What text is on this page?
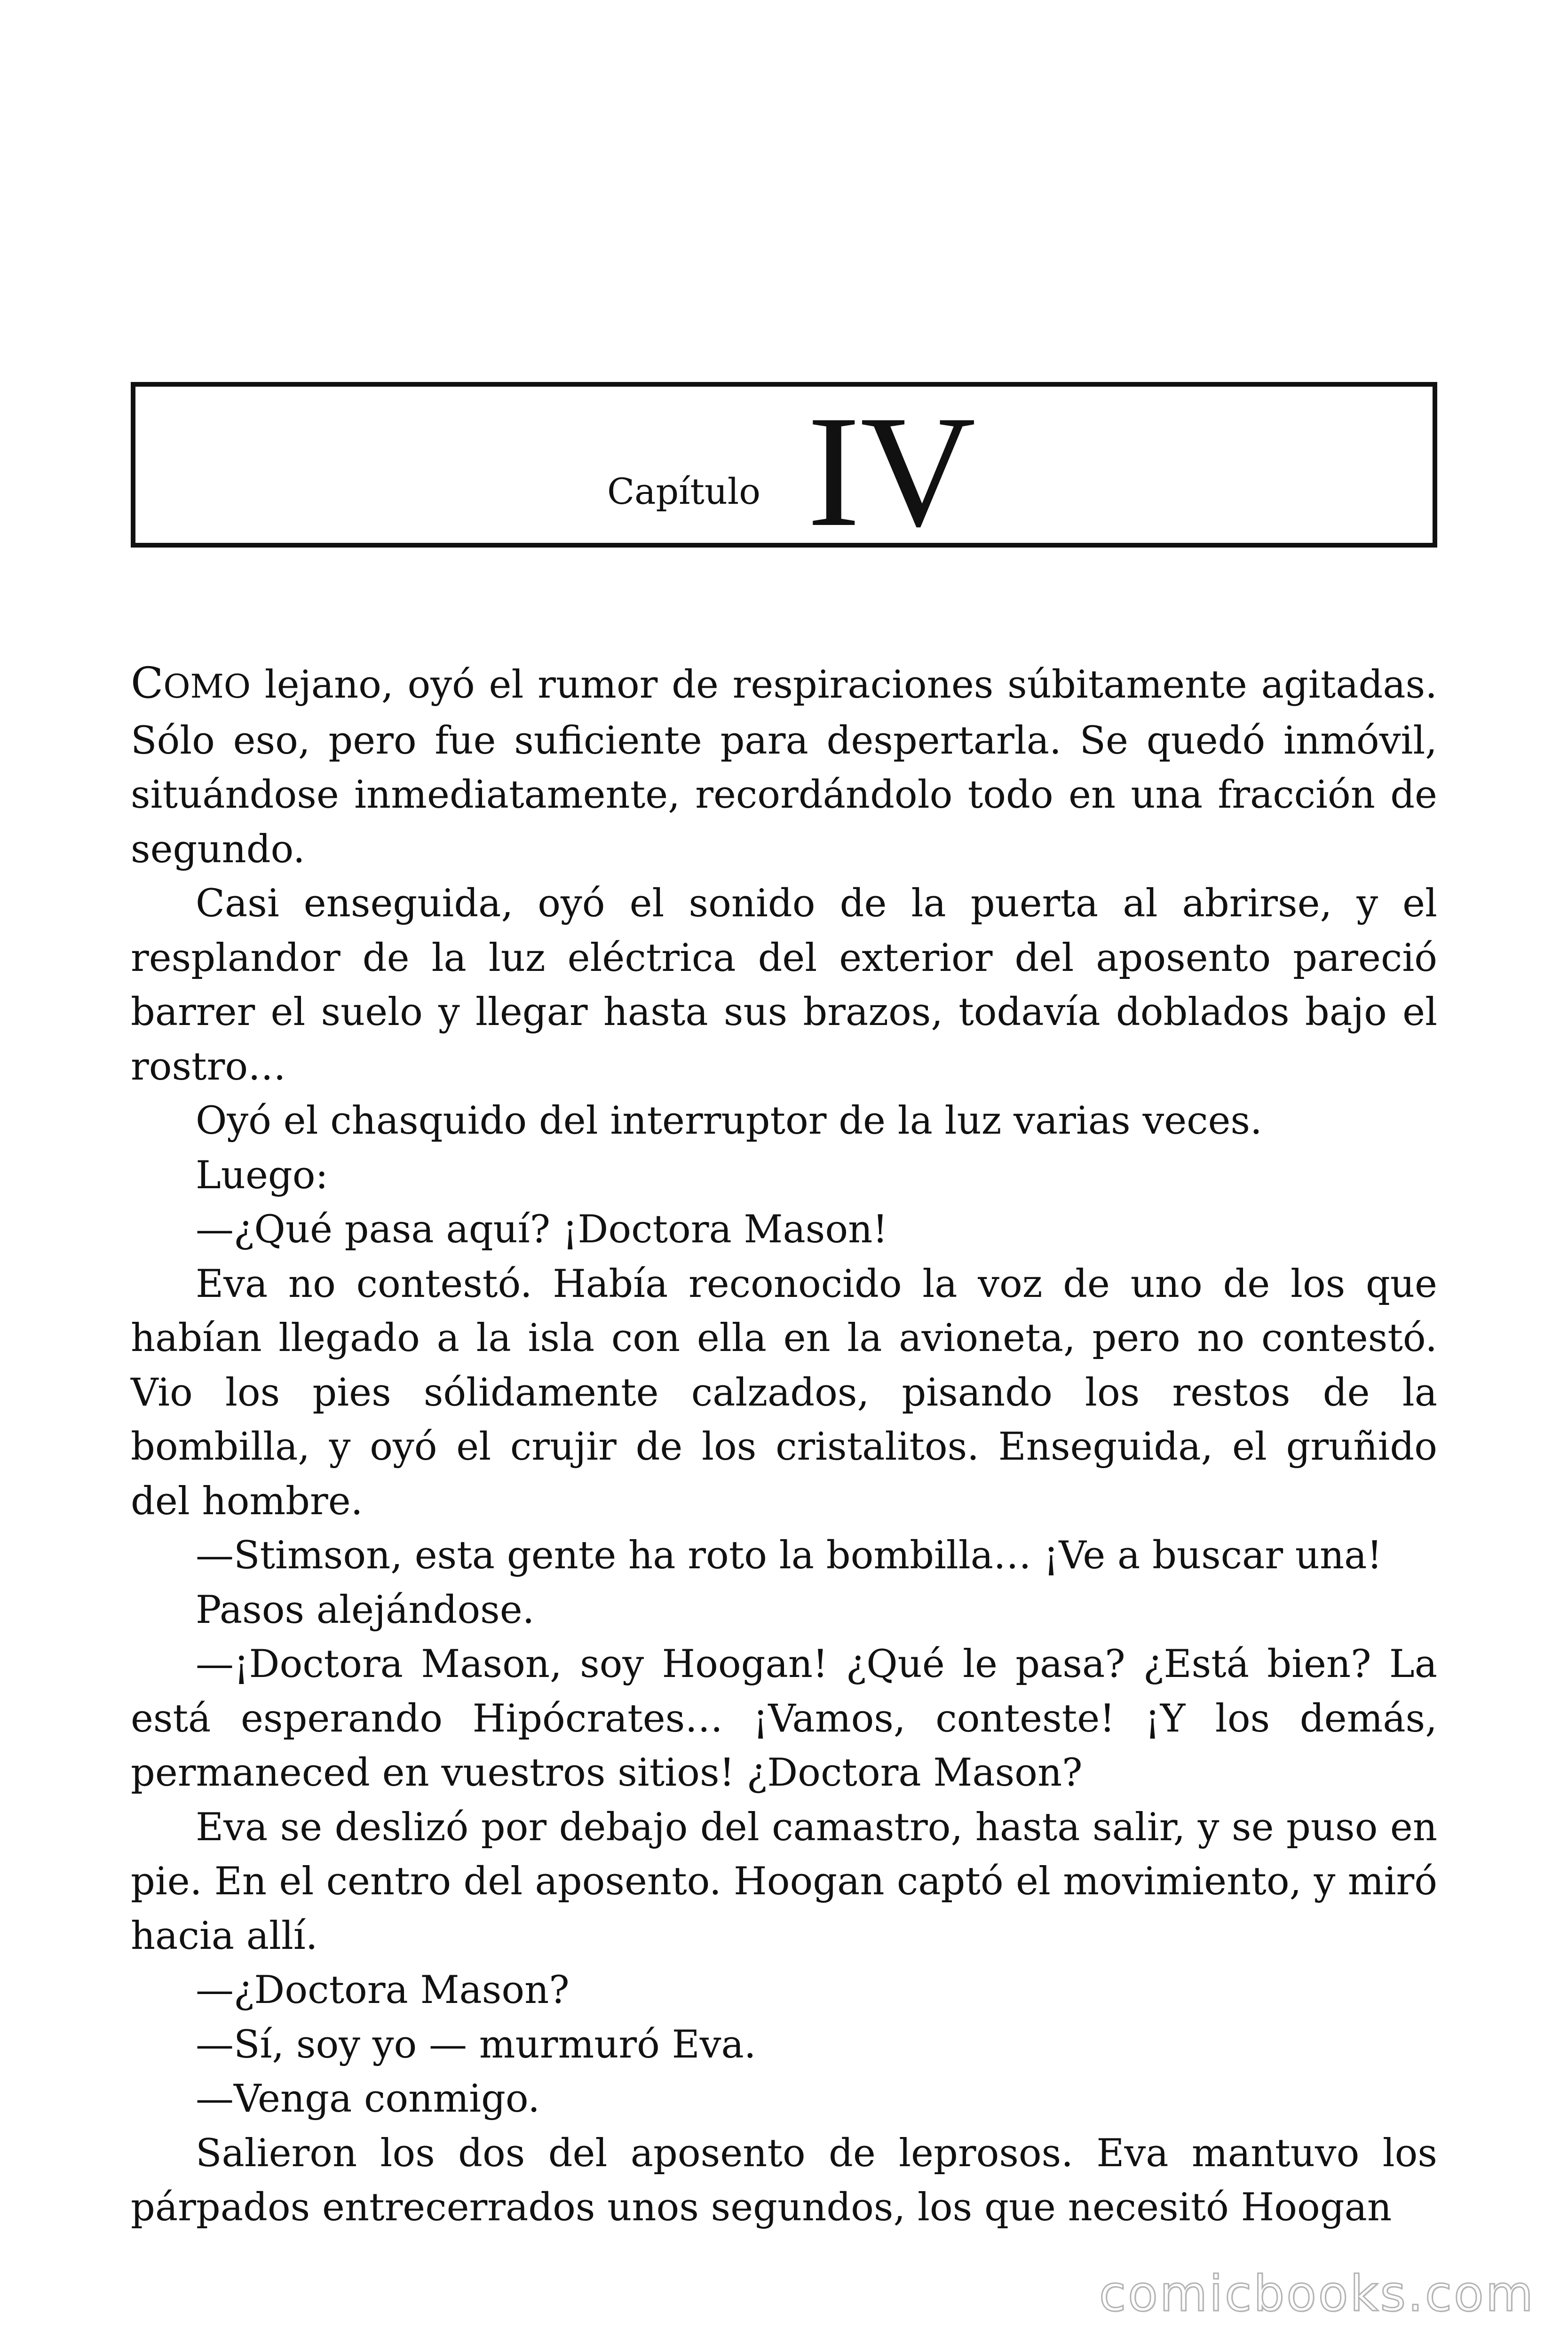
Capítulo IV

COMO lejano, oyó el rumor de respiraciones súbitamente agitadas. Sólo eso, pero fue suficiente para despertarla. Se quedó inmóvil, situándose inmediatamente, recordándolo todo en una fracción de segundo.

Casi enseguida, oyó el sonido de la puerta al abrirse, y el resplandor de la luz eléctrica del exterior del aposento pareció barrer el suelo y llegar hasta sus brazos, todavía doblados bajo el rostro…

Oyó el chasquido del interruptor de la luz varias veces.

Luego:

—¿Qué pasa aquí? ¡Doctora Mason!

Eva no contestó. Había reconocido la voz de uno de los que habían llegado a la isla con ella en la avioneta, pero no contestó. Vio los pies sólidamente calzados, pisando los restos de la bombilla, y oyó el crujir de los cristalitos. Enseguida, el gruñido del hombre.

—Stimson, esta gente ha roto la bombilla… ¡Ve a buscar una!

Pasos alejándose.

—¡Doctora Mason, soy Hoogan! ¿Qué le pasa? ¿Está bien? La está esperando Hipócrates… ¡Vamos, conteste! ¡Y los demás, permaneced en vuestros sitios! ¿Doctora Mason?

Eva se deslizó por debajo del camastro, hasta salir, y se puso en pie. En el centro del aposento. Hoogan captó el movimiento, y miró hacia allí.

—¿Doctora Mason?

—Sí, soy yo — murmuró Eva.

—Venga conmigo.

Salieron los dos del aposento de leprosos. Eva mantuvo los párpados entrecerrados unos segundos, los que necesitó Hoogan

comicbooks.com
